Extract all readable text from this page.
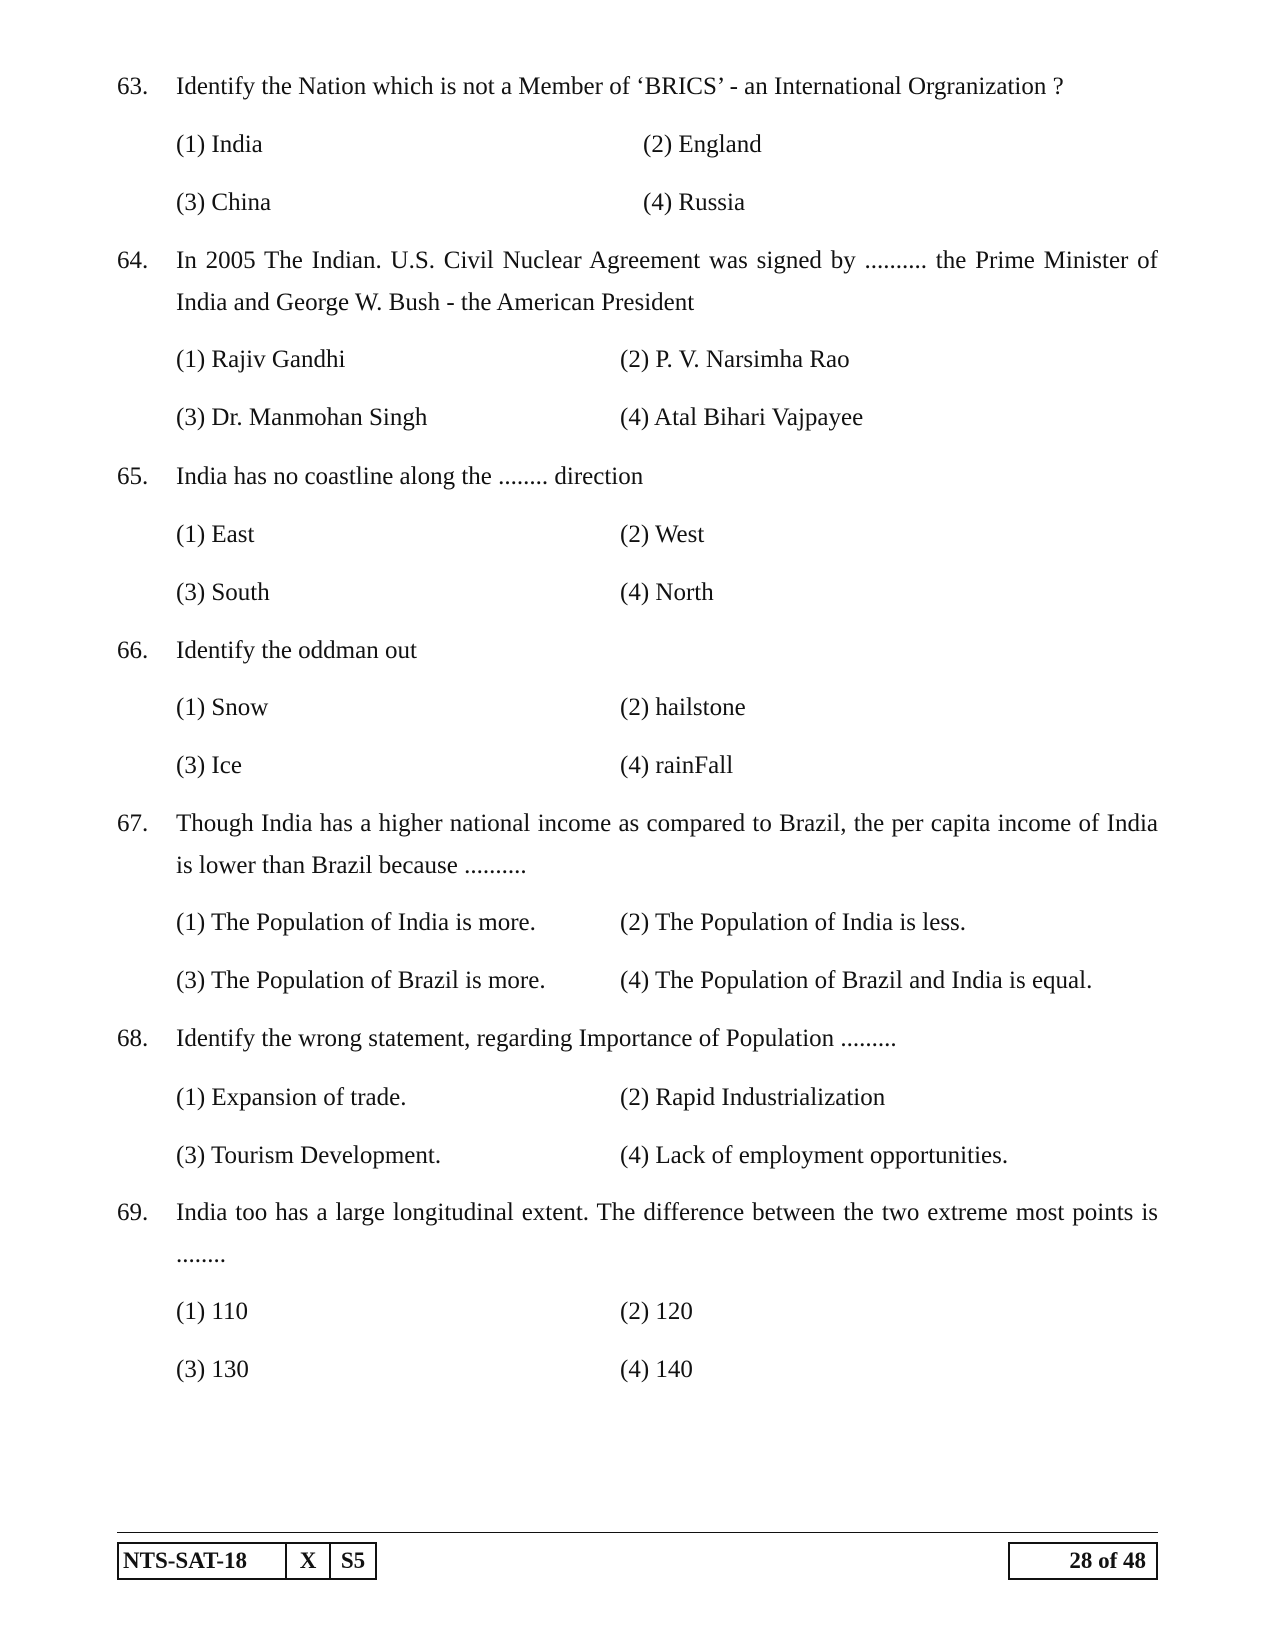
63. Identify the Nation which is not a Member of ‘BRICS’ - an International Orgranization ?
(1) India	(2) England
(3) China	(4) Russia
64. In 2005 The Indian. U.S. Civil Nuclear Agreement was signed by .......... the Prime Minister of India and George W. Bush - the American President
(1) Rajiv Gandhi	(2) P. V. Narsimha Rao
(3) Dr. Manmohan Singh	(4) Atal Bihari Vajpayee
65. India has no coastline along the ........ direction
(1) East	(2) West
(3) South	(4) North
66. Identify the oddman out
(1) Snow	(2) hailstone
(3) Ice	(4) rainFall
67. Though India has a higher national income as compared to Brazil, the per capita income of India is lower than Brazil because ..........
(1) The Population of India is more.	(2) The Population of India is less.
(3) The Population of Brazil is more.	(4) The Population of Brazil and India is equal.
68. Identify the wrong statement, regarding Importance of Population .........
(1) Expansion of trade.	(2) Rapid Industrialization
(3) Tourism Development.	(4) Lack of employment opportunities.
69. India too has a large longitudinal extent. The difference between the two extreme most points is ........
(1) 110	(2) 120
(3) 130	(4) 140
NTS-SAT-18	X	S5	28 of 48
